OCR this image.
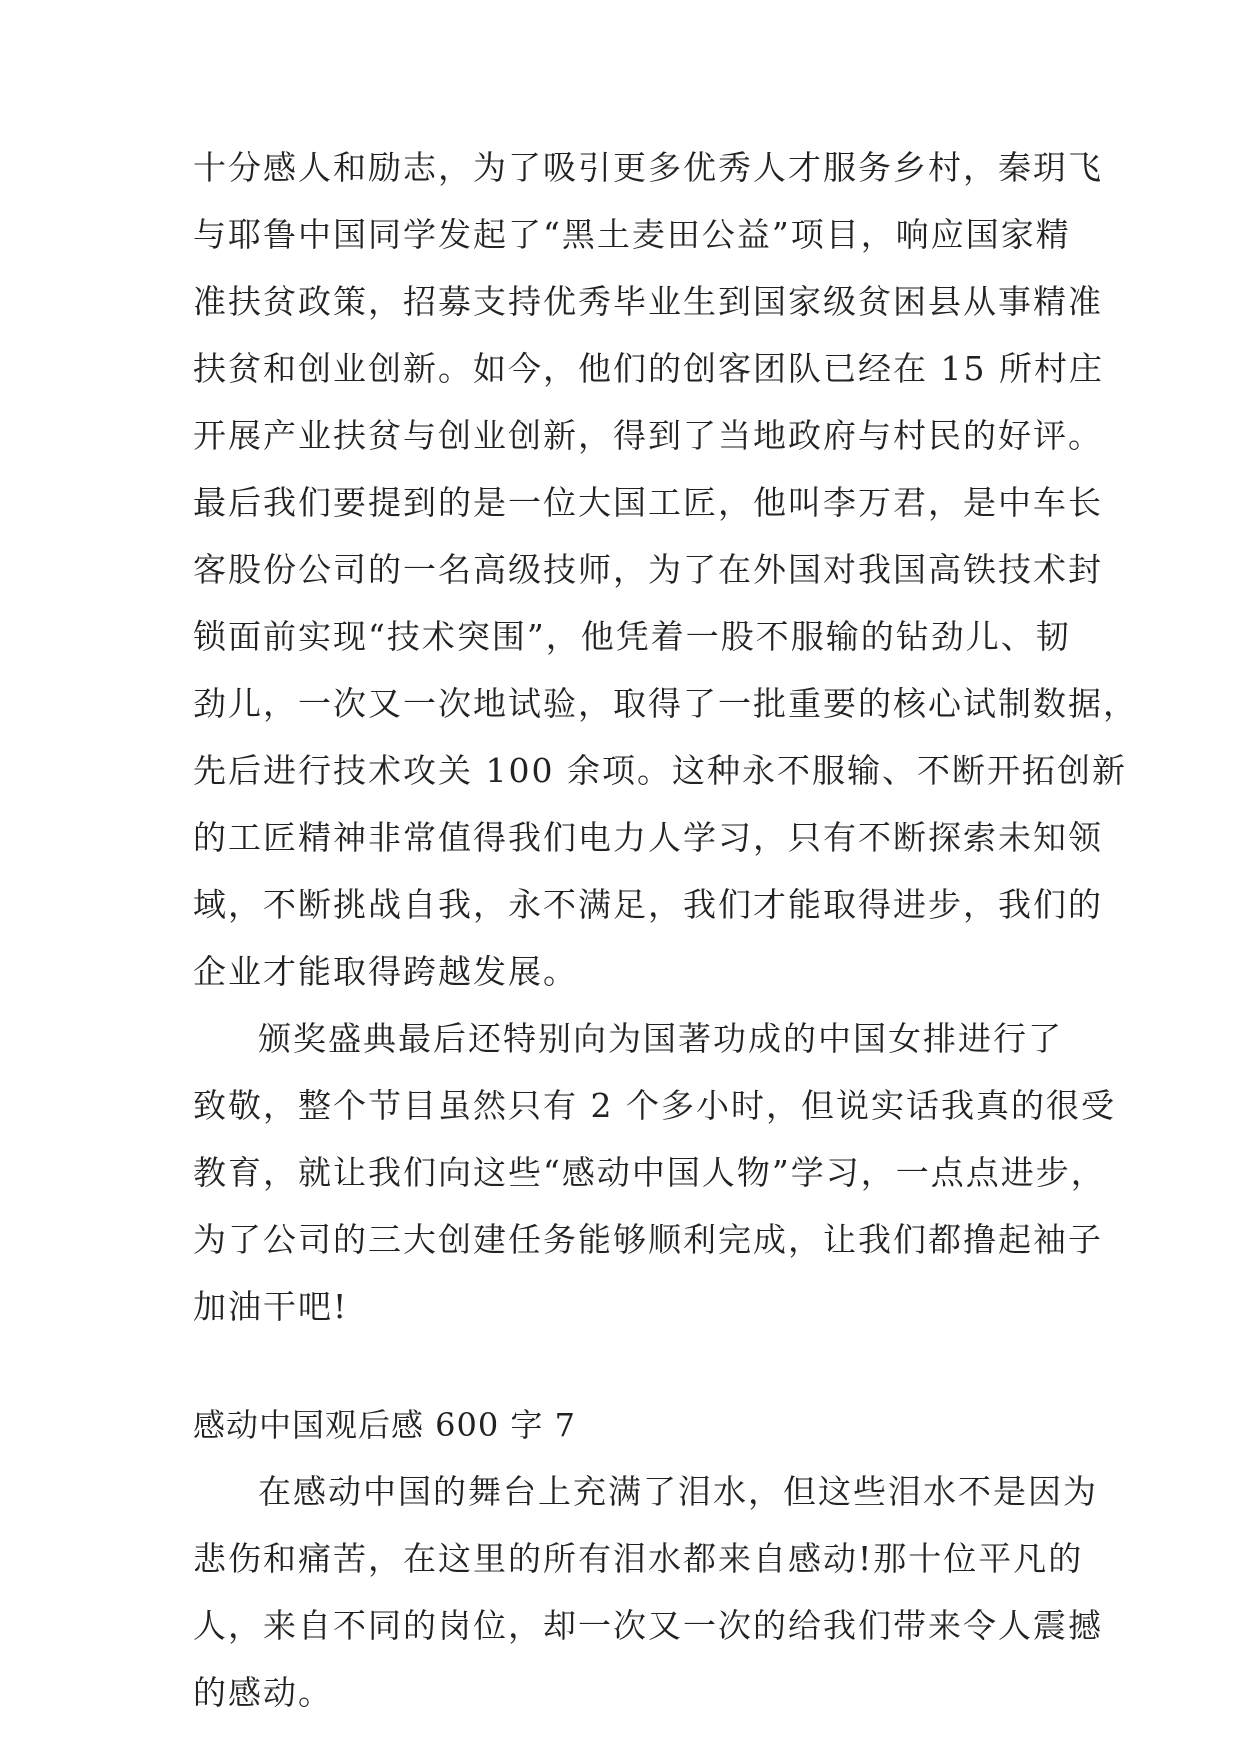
十分感人和励志，为了吸引更多优秀人才服务乡村，秦玥飞
与耶鲁中国同学发起了“黑土麦田公益”项目，响应国家精
准扶贫政策，招募支持优秀毕业生到国家级贫困县从事精准
扶贫和创业创新。如今，他们的创客团队已经在 15 所村庄
开展产业扶贫与创业创新，得到了当地政府与村民的好评。
最后我们要提到的是一位大国工匠，他叫李万君，是中车长
客股份公司的一名高级技师，为了在外国对我国高铁技术封
锁面前实现“技术突围”，他凭着一股不服输的钻劲儿、韧
劲儿，一次又一次地试验，取得了一批重要的核心试制数据，
先后进行技术攻关 100 余项。这种永不服输、不断开拓创新
的工匠精神非常值得我们电力人学习，只有不断探索未知领
域，不断挑战自我，永不满足，我们才能取得进步，我们的
企业才能取得跨越发展。
颁奖盛典最后还特别向为国著功成的中国女排进行了
致敬，整个节目虽然只有 2 个多小时，但说实话我真的很受
教育，就让我们向这些“感动中国人物”学习，一点点进步，
为了公司的三大创建任务能够顺利完成，让我们都撸起袖子
加油干吧!
感动中国观后感 600 字 7
在感动中国的舞台上充满了泪水，但这些泪水不是因为
悲伤和痛苦，在这里的所有泪水都来自感动!那十位平凡的
人，来自不同的岗位，却一次又一次的给我们带来令人震撼
的感动。
